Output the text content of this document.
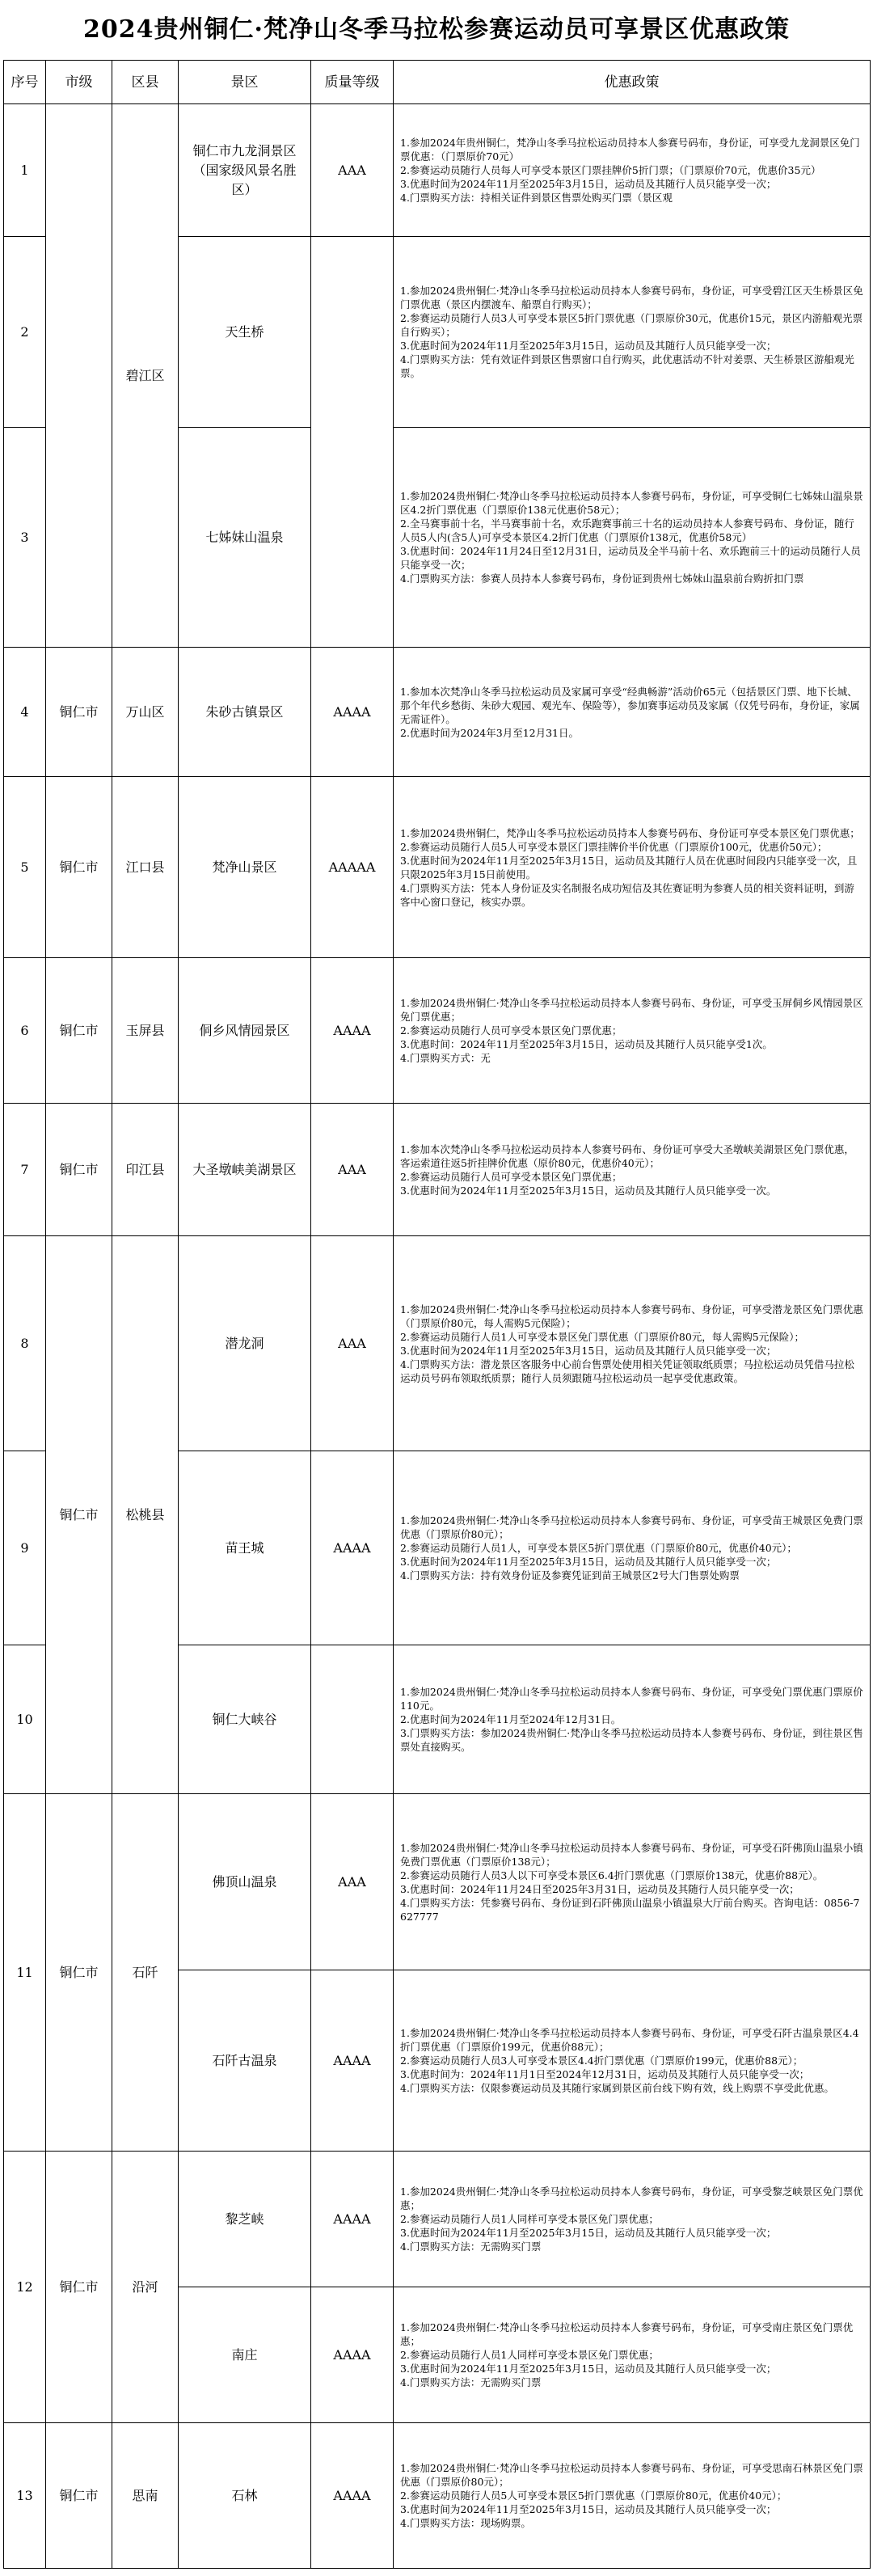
2024贵州铜仁·梵净山冬季马拉松参赛运动员可享景区优惠政策
序号	市级	区县	景区	质量等级	优惠政策
1		碧江区	铜仁市九龙洞景区（国家级风景名胜区）	AAA	1.参加2024年贵州铜仁，梵净山冬季马拉松运动员持本人参赛号码布，身份证，可享受九龙洞景区免门票优惠：（门票原价70元）
2.参赛运动员随行人员每人可享受本景区门票挂牌价5折门票；（门票原价70元，优惠价35元）
3.优惠时间为2024年11月至2025年3月15日，运动员及其随行人员只能享受一次；
4.门票购买方法：持相关证件到景区售票处购买门票（景区观

2			天生桥		1.参加2024贵州铜仁·梵净山冬季马拉松运动员持本人参赛号码布，身份证，可享受碧江区天生桥景区免门票优惠（景区内摆渡车、船票自行购买）；
2.参赛运动员随行人员3人可享受本景区5折门票优惠（门票原价30元，优惠价15元，景区内游船观光票自行购买）；
3.优惠时间为2024年11月至2025年3月15日，运动员及其随行人员只能享受一次；
4.门票购买方法：凭有效证件到景区售票窗口自行购买，此优惠活动不针对姜票、天生桥景区游船观光票。

3			七姊妹山温泉		1.参加2024贵州铜仁·梵净山冬季马拉松运动员持本人参赛号码布，身份证，可享受铜仁七姊妹山温泉景区4.2折门票优惠（门票原价138元优惠价58元）；
2.全马赛事前十名，半马赛事前十名，欢乐跑赛事前三十名的运动员持本人参赛号码布、身份证，随行人员5人内(含5人)可享受本景区4.2折门优惠（门票原价138元，优惠价58元）
3.优惠时间：2024年11月24日至12月31日，运动员及全半马前十名、欢乐跑前三十的运动员随行人员只能享受一次；
4.门票购买方法：参赛人员持本人参赛号码布，身份证到贵州七姊妹山温泉前台购折扣门票

4	铜仁市	万山区	朱砂古镇景区	AAAA	1.参加本次梵净山冬季马拉松运动员及家属可享受“经典畅游”活动价65元（包括景区门票、地下长城、那个年代乡愁街、朱砂大观园、观光车、保险等），参加赛事运动员及家属（仅凭号码布，身份证，家属无需证件）。
2.优惠时间为2024年3月至12月31日。

5	铜仁市	江口县	梵净山景区	AAAAA	1.参加2024贵州铜仁，梵净山冬季马拉松运动员持本人参赛号码布、身份证可享受本景区免门票优惠；
2.参赛运动员随行人员5人可享受本景区门票挂牌价半价优惠（门票原价100元，优惠价50元）；
3.优惠时间为2024年11月至2025年3月15日，运动员及其随行人员在优惠时间段内只能享受一次，且只限2025年3月15日前使用。
4.门票购买方法：凭本人身份证及实名制报名成功短信及其佐赛证明为参赛人员的相关资料证明，到游客中心窗口登记，核实办票。

6	铜仁市	玉屏县	侗乡风情园景区	AAAA	1.参加2024贵州铜仁·梵净山冬季马拉松运动员持本人参赛号码布、身份证，可享受玉屏侗乡风情园景区免门票优惠；
2.参赛运动员随行人员可享受本景区免门票优惠；
3.优惠时间：2024年11月至2025年3月15日，运动员及其随行人员只能享受1次。
4.门票购买方式：无

7	铜仁市	印江县	大圣墩峡美湖景区	AAA	1.参加本次梵净山冬季马拉松运动员持本人参赛号码布、身份证可享受大圣墩峡美湖景区免门票优惠，客运索道往返5折挂牌价优惠（原价80元，优惠价40元）；
2.参赛运动员随行人员可享受本景区免门票优惠；
3.优惠时间为2024年11月至2025年3月15日，运动员及其随行人员只能享受一次。

8	铜仁市	松桃县	潜龙洞	AAA	1.参加2024贵州铜仁·梵净山冬季马拉松运动员持本人参赛号码布、身份证，可享受潜龙景区免门票优惠（门票原价80元，每人需购5元保险）；
2.参赛运动员随行人员1人可享受本景区免门票优惠（门票原价80元，每人需购5元保险）；
3.优惠时间为2024年11月至2025年3月15日，运动员及其随行人员只能享受一次；
4.门票购买方法：潜龙景区客服务中心前台售票处使用相关凭证领取纸质票；马拉松运动员凭借马拉松运动员号码布领取纸质票；随行人员须跟随马拉松运动员一起享受优惠政策。

9			苗王城	AAAA	1.参加2024贵州铜仁·梵净山冬季马拉松运动员持本人参赛号码布、身份证，可享受苗王城景区免费门票优惠（门票原价80元）；
2.参赛运动员随行人员1人，可享受本景区5折门票优惠（门票原价80元，优惠价40元）；
3.优惠时间为2024年11月至2025年3月15日，运动员及其随行人员只能享受一次；
4.门票购买方法：持有效身份证及参赛凭证到苗王城景区2号大门售票处购票

10			铜仁大峡谷		1.参加2024贵州铜仁·梵净山冬季马拉松运动员持本人参赛号码布、身份证，可享受免门票优惠门票原价110元。
2.优惠时间为2024年11月至2024年12月31日。
3.门票购买方法：参加2024贵州铜仁·梵净山冬季马拉松运动员持本人参赛号码布、身份证，到往景区售票处直接购买。

11	铜仁市	石阡	佛顶山温泉	AAA	1.参加2024贵州铜仁·梵净山冬季马拉松运动员持本人参赛号码布、身份证，可享受石阡佛顶山温泉小镇免费门票优惠（门票原价138元）；
2.参赛运动员随行人员3人以下可享受本景区6.4折门票优惠（门票原价138元，优惠价88元）。
3.优惠时间：2024年11月24日至2025年3月31日，运动员及其随行人员只能享受一次；
4.门票购买方法：凭参赛号码布、身份证到石阡佛顶山温泉小镇温泉大厅前台购买。咨询电话：0856-7627777

			石阡古温泉	AAAA	1.参加2024贵州铜仁·梵净山冬季马拉松运动员持本人参赛号码布、身份证，可享受石阡古温泉景区4.4折门票优惠（门票原价199元，优惠价88元）；
2.参赛运动员随行人员3人可享受本景区4.4折门票优惠（门票原价199元，优惠价88元）；
3.优惠时间为：2024年11月1日至2024年12月31日，运动员及其随行人员只能享受一次；
4.门票购买方法：仅限参赛运动员及其随行家属到景区前台线下购有效，线上购票不享受此优惠。

12	铜仁市	沿河	黎芝峡	AAAA	1.参加2024贵州铜仁·梵净山冬季马拉松运动员持本人参赛号码布，身份证，可享受黎芝峡景区免门票优惠；
2.参赛运动员随行人员1人同样可享受本景区免门票优惠；
3.优惠时间为2024年11月至2025年3月15日，运动员及其随行人员只能享受一次；
4.门票购买方法：无需购买门票

			南庄	AAAA	1.参加2024贵州铜仁·梵净山冬季马拉松运动员持本人参赛号码布，身份证，可享受南庄景区免门票优惠；
2.参赛运动员随行人员1人同样可享受本景区免门票优惠；
3.优惠时间为2024年11月至2025年3月15日，运动员及其随行人员只能享受一次；
4.门票购买方法：无需购买门票

13	铜仁市	思南	石林	AAAA	1.参加2024贵州铜仁·梵净山冬季马拉松运动员持本人参赛号码布、身份证，可享受思南石林景区免门票优惠（门票原价80元）；
2.参赛运动员随行人员5人可享受本景区5折门票优惠（门票原价80元，优惠价40元）；
3.优惠时间为2024年11月至2025年3月15日，运动员及其随行人员只能享受一次；
4.门票购买方法：现场购票。
